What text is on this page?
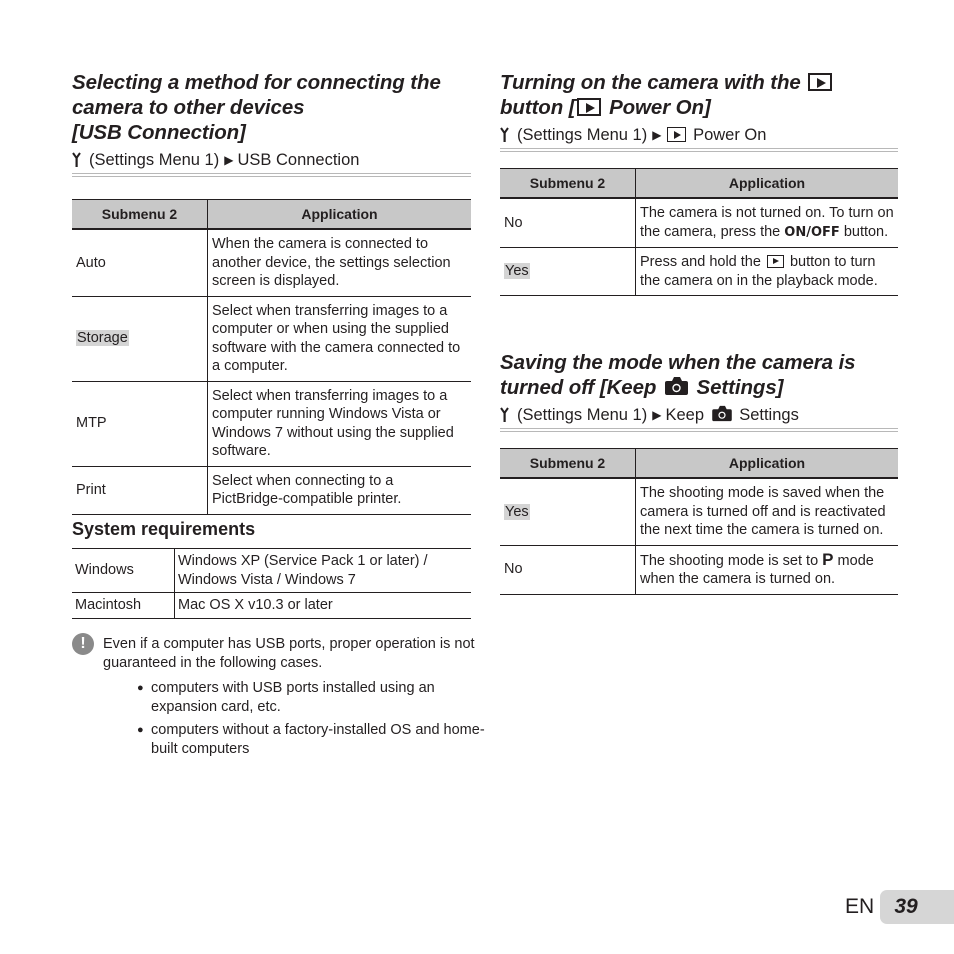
Selecting a method for connecting the
camera to other devices
[USB Connection]
(Settings Menu 1) ▶ USB Connection
Submenu 2	Application
Auto	When the camera is connected to another device, the settings selection screen is displayed.
Storage	Select when transferring images to a computer or when using the supplied software with the camera connected to a computer.
MTP	Select when transferring images to a computer running Windows Vista or Windows 7 without using the supplied software.
Print	Select when connecting to a PictBridge-compatible printer.
System requirements
Windows	Windows XP (Service Pack 1 or later) / Windows Vista / Windows 7
Macintosh	Mac OS X v10.3 or later
!	Even if a computer has USB ports, proper operation is not guaranteed in the following cases.
● computers with USB ports installed using an expansion card, etc.
● computers without a factory-installed OS and home-built computers
Turning on the camera with the
button [ Power On]
(Settings Menu 1) ▶ Power On
Submenu 2	Application
No	The camera is not turned on. To turn on the camera, press the ON/OFF button.
Yes	Press and hold the button to turn the camera on in the playback mode.
Saving the mode when the camera is
turned off [Keep Settings]
(Settings Menu 1) ▶ Keep Settings
Submenu 2	Application
Yes	The shooting mode is saved when the camera is turned off and is reactivated the next time the camera is turned on.
No	The shooting mode is set to P mode when the camera is turned on.
EN 39
